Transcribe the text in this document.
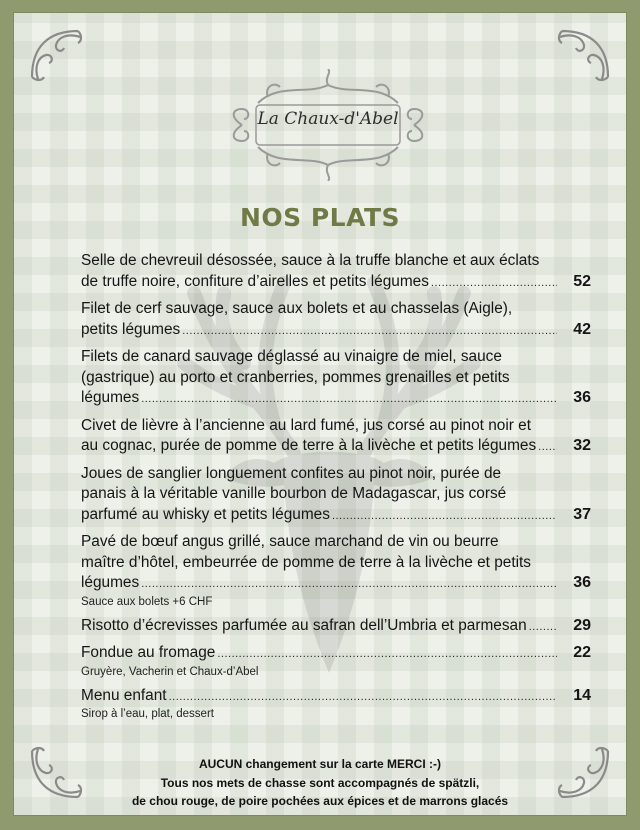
La Chaux-d'Abel
NOS PLATS
Selle de chevreuil désossée, sauce à la truffe blanche et aux éclats
de truffe noire, confiture d’airelles et petits légumes .....	52
Filet de cerf sauvage, sauce aux bolets et au chasselas (Aigle),
petits légumes .....	42
Filets de canard sauvage déglassé au vinaigre de miel, sauce
(gastrique) au porto et cranberries, pommes grenailles et petits
légumes .....	36
Civet de lièvre à l’ancienne au lard fumé, jus corsé au pinot noir et
au cognac, purée de pomme de terre à la livèche et petits légumes .....	32
Joues de sanglier longuement confites au pinot noir, purée de
panais à la véritable vanille bourbon de Madagascar, jus corsé
parfumé au whisky et petits légumes .....	37
Pavé de bœuf angus grillé, sauce marchand de vin ou beurre
maître d’hôtel, embeurrée de pomme de terre à la livèche et petits
légumes .....	36
Sauce aux bolets +6 CHF
Risotto d’écrevisses parfumée au safran dell’Umbria et parmesan .....	29
Fondue au fromage .....	22
Gruyère, Vacherin et Chaux-d’Abel
Menu enfant .....	14
Sirop à l’eau, plat, dessert
AUCUN changement sur la carte MERCI :-)
Tous nos mets de chasse sont accompagnés de spätzli,
de chou rouge, de poire pochées aux épices et de marrons glacés
